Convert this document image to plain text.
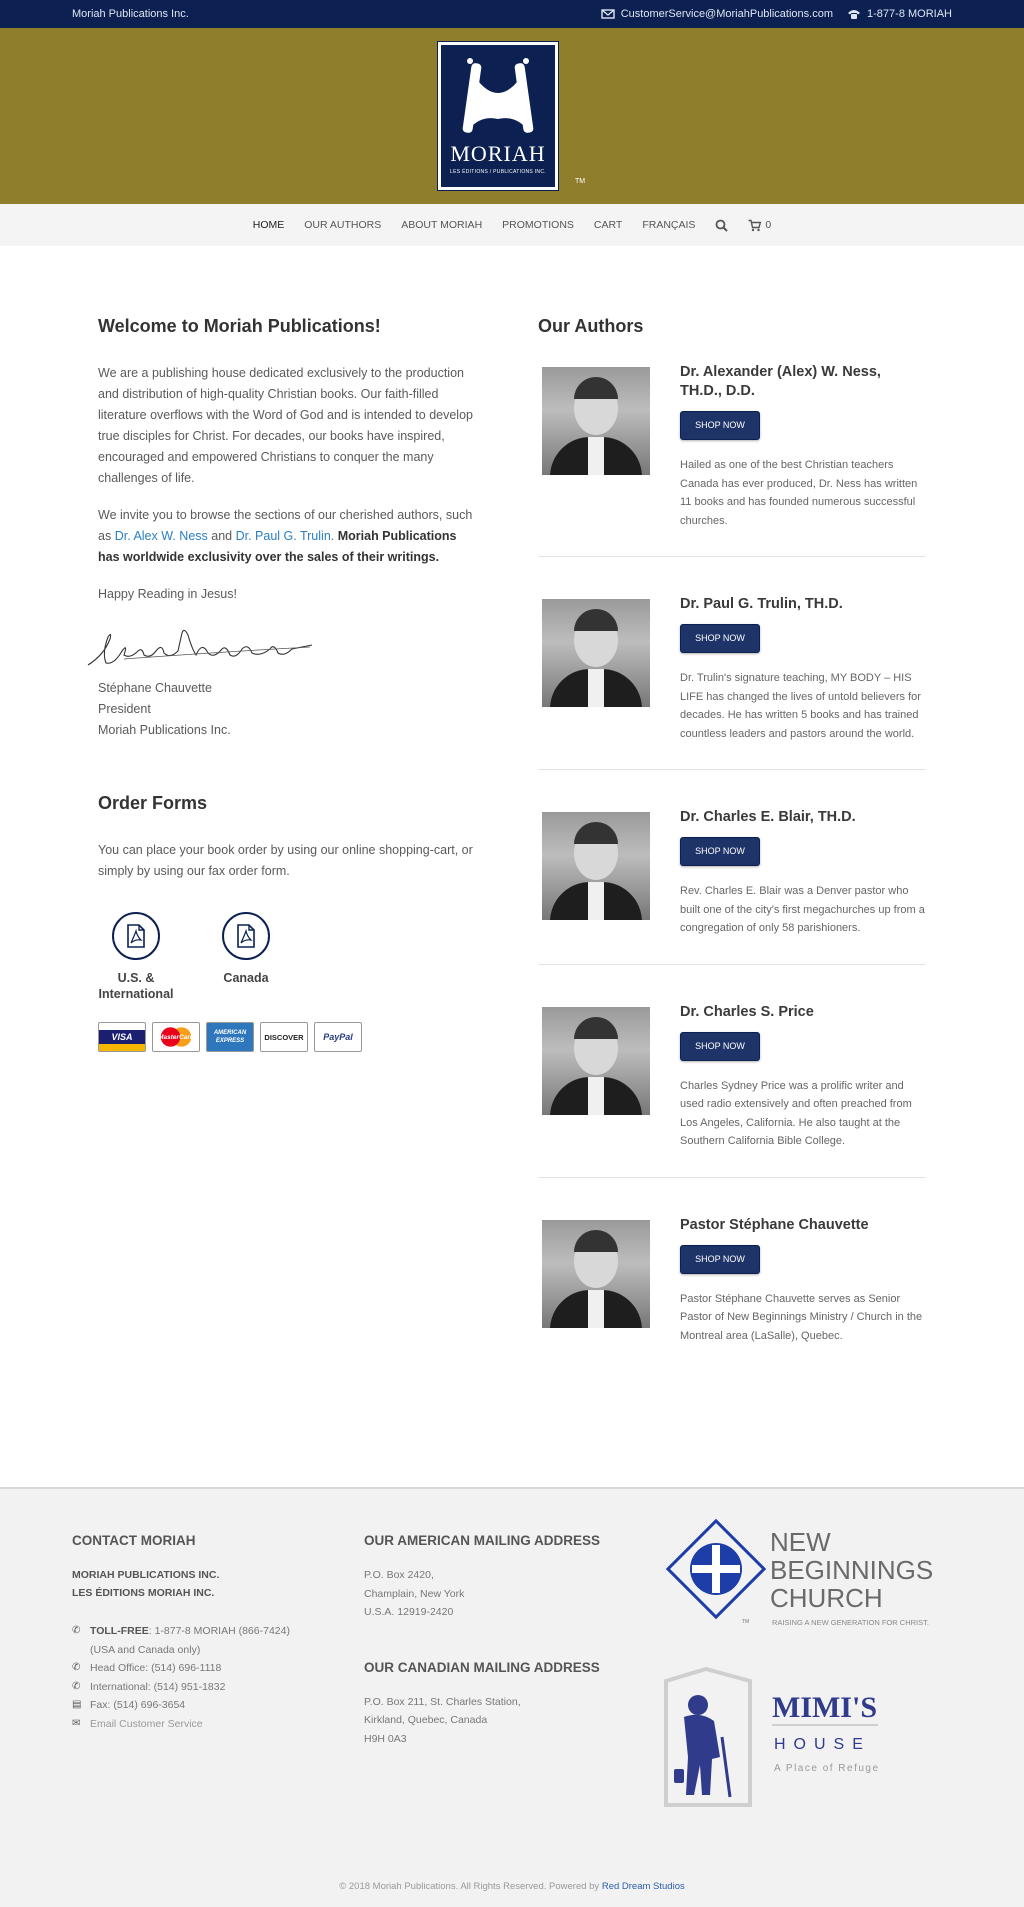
Moriah Publications Inc.	CustomerService@MoriahPublications.com	1-877-8 MORIAH
MORIAH
LES ÉDITIONS / PUBLICATIONS INC.
TM
HOME OUR AUTHORS ABOUT MORIAH PROMOTIONS CART FRANÇAIS	0
Welcome to Moriah Publications!

We are a publishing house dedicated exclusively to the production and distribution of high-quality Christian books. Our faith-filled literature overflows with the Word of God and is intended to develop true disciples for Christ. For decades, our books have inspired, encouraged and empowered Christians to conquer the many challenges of life.

We invite you to browse the sections of our cherished authors, such as Dr. Alex W. Ness and Dr. Paul G. Trulin. Moriah Publications has worldwide exclusivity over the sales of their writings.

Happy Reading in Jesus!

Stéphane Chauvette
President
Moriah Publications Inc.
Order Forms

You can place your book order by using our online shopping-cart, or simply by using our fax order form.

U.S. & International
Canada
VISA	MasterCard
AMERICAN EXPRESS	DISCOVER	PayPal
Our Authors
Dr. Alexander (Alex) W. Ness, TH.D., D.D.
SHOP NOW
Hailed as one of the best Christian teachers Canada has ever produced, Dr. Ness has written 11 books and has founded numerous successful churches.
Dr. Paul G. Trulin, TH.D.
SHOP NOW
Dr. Trulin's signature teaching, MY BODY – HIS LIFE has changed the lives of untold believers for decades. He has written 5 books and has trained countless leaders and pastors around the world.
Dr. Charles E. Blair, TH.D.
SHOP NOW
Rev. Charles E. Blair was a Denver pastor who built one of the city's first megachurches up from a congregation of only 58 parishioners.
Dr. Charles S. Price
SHOP NOW
Charles Sydney Price was a prolific writer and used radio extensively and often preached from Los Angeles, California. He also taught at the Southern California Bible College.
Pastor Stéphane Chauvette
SHOP NOW
Pastor Stéphane Chauvette serves as Senior Pastor of New Beginnings Ministry / Church in the Montreal area (LaSalle), Quebec.
CONTACT MORIAH
MORIAH PUBLICATIONS INC.
LES ÉDITIONS MORIAH INC.
✆ TOLL-FREE: 1-877-8 MORIAH (866-7424)
(USA and Canada only)
✆ Head Office: (514) 696-1118
✆ International: (514) 951-1832
▤ Fax: (514) 696-3654
✉ Email Customer Service
OUR AMERICAN MAILING ADDRESS
P.O. Box 2420,
Champlain, New York
U.S.A. 12919-2420
OUR CANADIAN MAILING ADDRESS
P.O. Box 211, St. Charles Station,
Kirkland, Quebec, Canada
H9H 0A3
TM
NEW
BEGINNINGS
CHURCH
RAISING A NEW GENERATION FOR CHRIST.
MIMI'S
HOUSE
A Place of Refuge
© 2018 Moriah Publications. All Rights Reserved. Powered by Red Dream Studios
